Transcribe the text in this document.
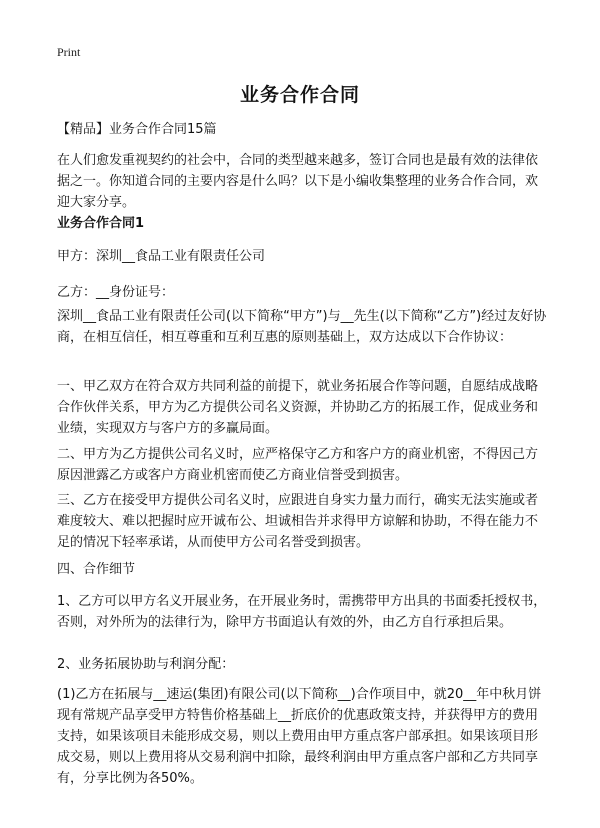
Print
业务合作合同

【精品】业务合作合同15篇

在人们愈发重视契约的社会中，合同的类型越来越多，签订合同也是最有效的法律依据之一。你知道合同的主要内容是什么吗？以下是小编收集整理的业务合作合同，欢迎大家分享。

业务合作合同1

甲方：深圳__食品工业有限责任公司

乙方：__身份证号：

深圳__食品工业有限责任公司(以下简称“甲方”)与__先生(以下简称“乙方”)经过友好协商，在相互信任，相互尊重和互利互惠的原则基础上，双方达成以下合作协议：

一、甲乙双方在符合双方共同利益的前提下，就业务拓展合作等问题，自愿结成战略合作伙伴关系，甲方为乙方提供公司名义资源，并协助乙方的拓展工作，促成业务和业绩，实现双方与客户方的多赢局面。

二、甲方为乙方提供公司名义时，应严格保守乙方和客户方的商业机密，不得因己方原因泄露乙方或客户方商业机密而使乙方商业信誉受到损害。

三、乙方在接受甲方提供公司名义时，应跟进自身实力量力而行，确实无法实施或者难度较大、难以把握时应开诚布公、坦诚相告并求得甲方谅解和协助，不得在能力不足的情况下轻率承诺，从而使甲方公司名誉受到损害。

四、合作细节

1、乙方可以甲方名义开展业务，在开展业务时，需携带甲方出具的书面委托授权书，否则，对外所为的法律行为，除甲方书面追认有效的外，由乙方自行承担后果。

2、业务拓展协助与利润分配：

(1)乙方在拓展与__速运(集团)有限公司(以下简称__)合作项目中，就20__年中秋月饼现有常规产品享受甲方特售价格基础上__折底价的优惠政策支持，并获得甲方的费用支持，如果该项目未能形成交易，则以上费用由甲方重点客户部承担。如果该项目形成交易，则以上费用将从交易利润中扣除，最终利润由甲方重点客户部和乙方共同享有，分享比例为各50%。
